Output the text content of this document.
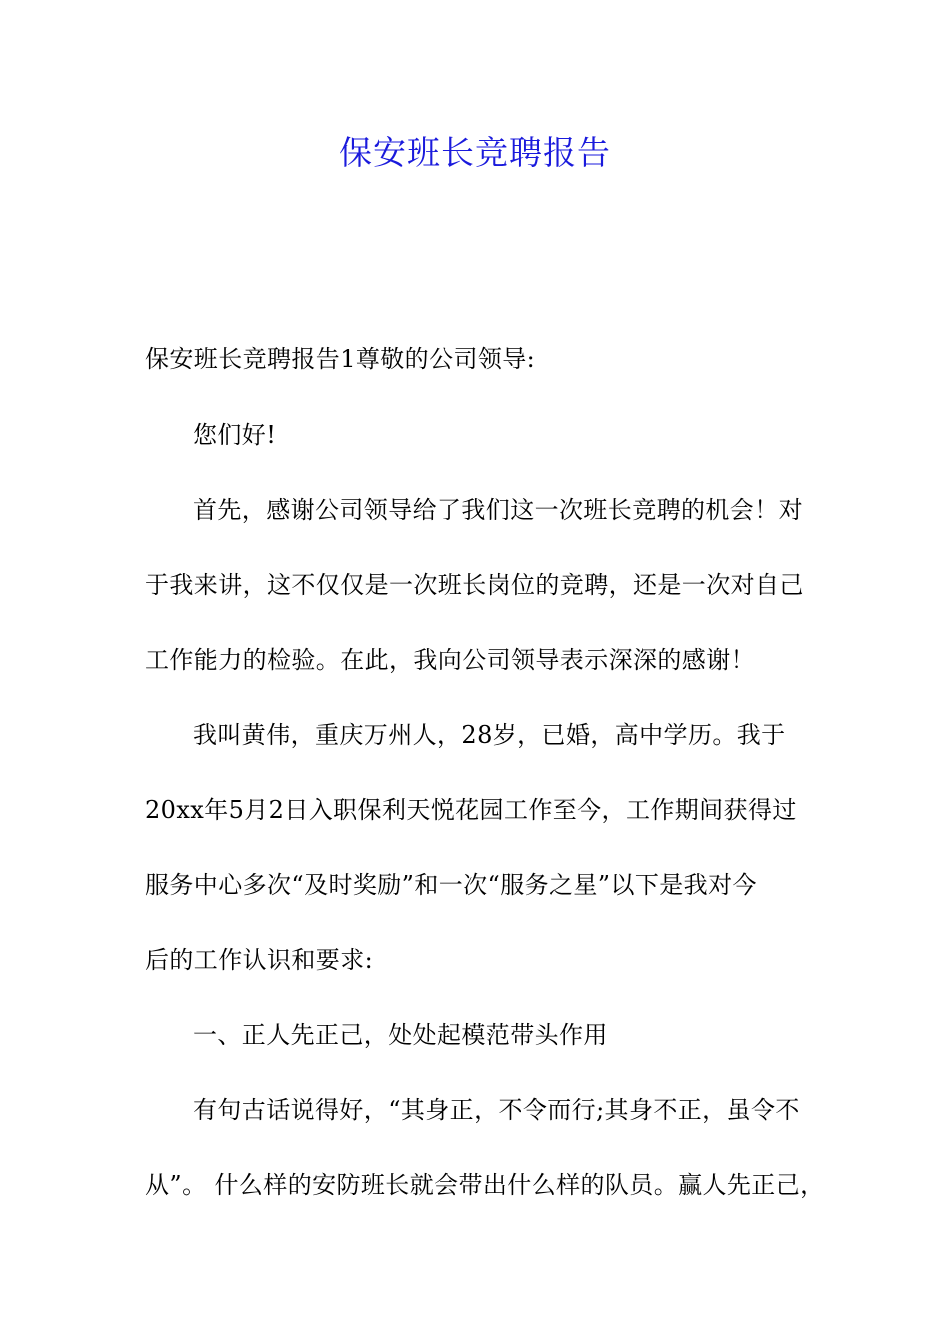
保安班长竞聘报告
保安班长竞聘报告1尊敬的公司领导:
您们好!
首先，感谢公司领导给了我们这一次班长竞聘的机会！对
于我来讲，这不仅仅是一次班长岗位的竞聘，还是一次对自己
工作能力的检验。在此，我向公司领导表示深深的感谢！
我叫黄伟，重庆万州人，28岁，已婚，高中学历。我于
20xx年5月2日入职保利天悦花园工作至今，工作期间获得过
服务中心多次“及时奖励”和一次“服务之星”以下是我对今
后的工作认识和要求:
一、正人先正己，处处起模范带头作用
有句古话说得好，“其身正，不令而行;其身不正，虽令不
从”。 什么样的安防班长就会带出什么样的队员。赢人先正己，
